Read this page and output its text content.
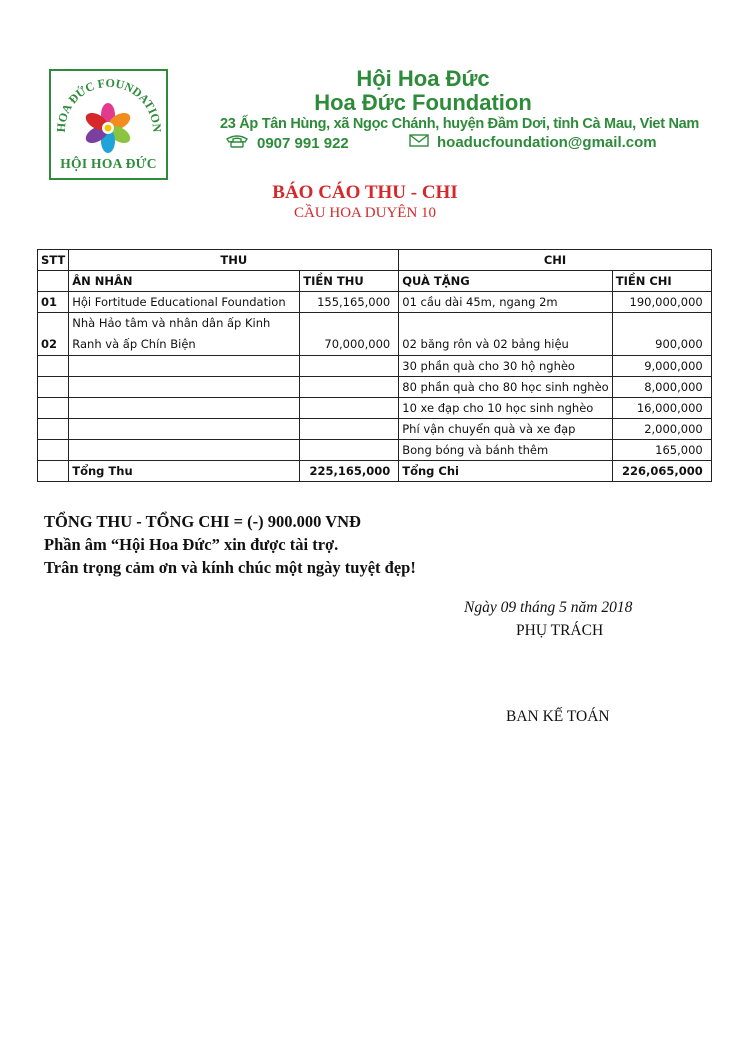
HOA ĐỨC FOUNDATION
HỘI HOA ĐỨC
Hội Hoa Đức
Hoa Đức Foundation
23 Ấp Tân Hùng, xã Ngọc Chánh, huyện Đầm Dơi, tỉnh Cà Mau, Viet Nam
0907 991 922	hoaducfoundation@gmail.com
BÁO CÁO THU - CHI
CẦU HOA DUYÊN 10
STT	THU		CHI	
	ÂN NHÂN	TIỀN THU	QUÀ TẶNG	TIỀN CHI
01	Hội Fortitude Educational Foundation	155,165,000	01 cầu dài 45m, ngang 2m	190,000,000
02	Nhà Hảo tâm và nhân dân ấp Kinh Ranh và ấp Chín Biện	70,000,000	02 băng rôn và 02 bảng hiệu	900,000
			30 phần quà cho 30 hộ nghèo	9,000,000
			80 phần quà cho 80 học sinh nghèo	8,000,000
			10 xe đạp cho 10 học sinh nghèo	16,000,000
			Phí vận chuyển quà và xe đạp	2,000,000
			Bong bóng và bánh thêm	165,000
	Tổng Thu	225,165,000	Tổng Chi	226,065,000
TỔNG THU - TỔNG CHI = (-) 900.000 VNĐ
Phần âm “Hội Hoa Đức” xin được tài trợ.
Trân trọng cảm ơn và kính chúc một ngày tuyệt đẹp!
Ngày 09 tháng 5 năm 2018
PHỤ TRÁCH
BAN KẾ TOÁN
